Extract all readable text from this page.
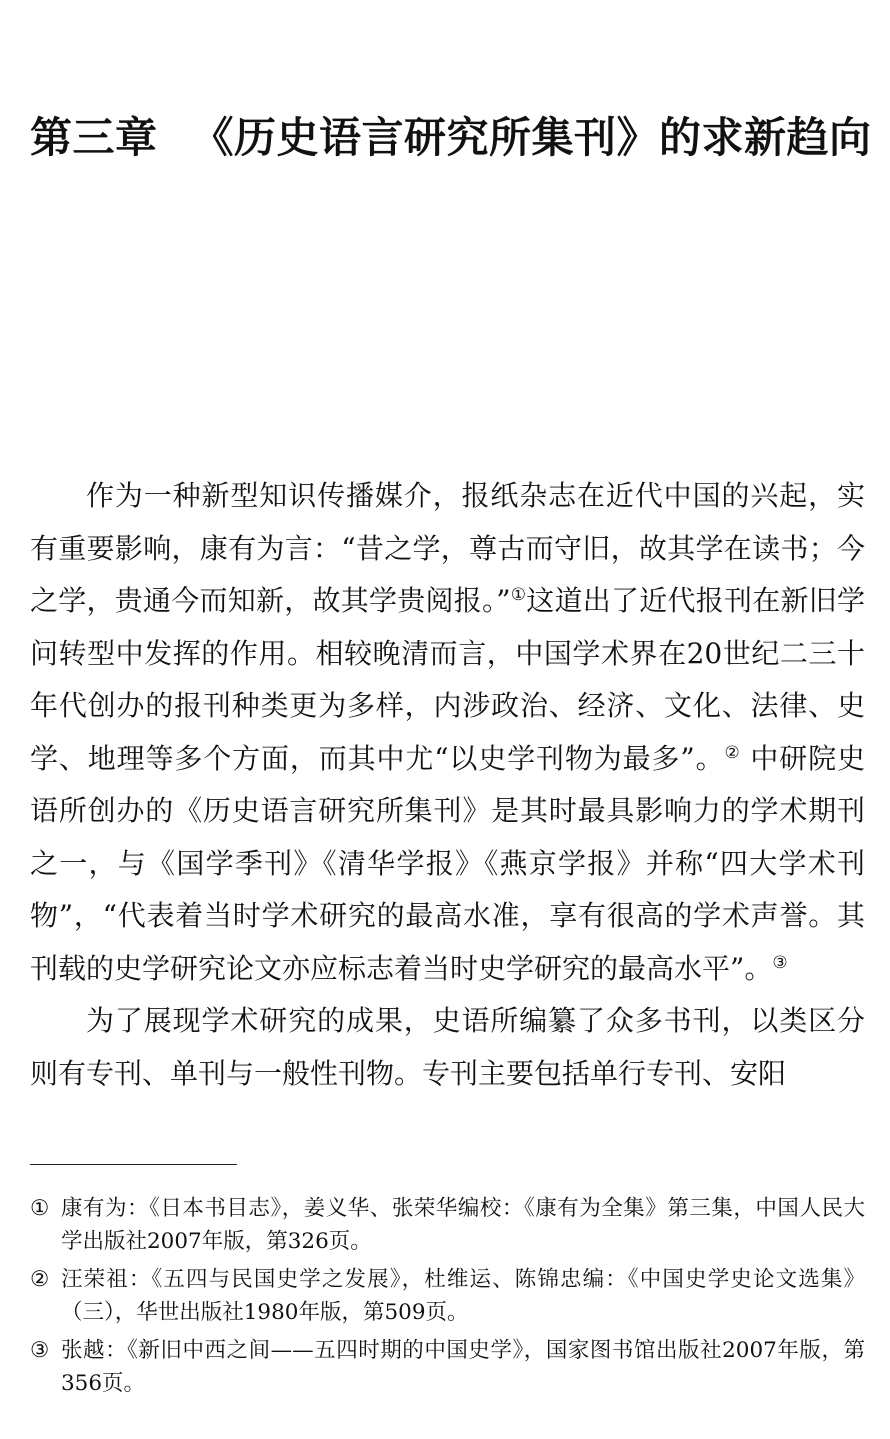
第三章 《历史语言研究所集刊》的求新趋向

作为一种新型知识传播媒介，报纸杂志在近代中国的兴起，实有重要影响，康有为言：“昔之学，尊古而守旧，故其学在读书；今之学，贵通今而知新，故其学贵阅报。”①这道出了近代报刊在新旧学问转型中发挥的作用。相较晚清而言，中国学术界在20世纪二三十年代创办的报刊种类更为多样，内涉政治、经济、文化、法律、史学、地理等多个方面，而其中尤“以史学刊物为最多”。② 中研院史语所创办的《历史语言研究所集刊》是其时最具影响力的学术期刊之一，与《国学季刊》《清华学报》《燕京学报》并称“四大学术刊物”，“代表着当时学术研究的最高水准，享有很高的学术声誉。其刊载的史学研究论文亦应标志着当时史学研究的最高水平”。③

为了展现学术研究的成果，史语所编纂了众多书刊，以类区分则有专刊、单刊与一般性刊物。专刊主要包括单行专刊、安阳

① 康有为：《日本书目志》，姜义华、张荣华编校：《康有为全集》第三集，中国人民大学出版社2007年版，第326页。
② 汪荣祖：《五四与民国史学之发展》，杜维运、陈锦忠编：《中国史学史论文选集》（三），华世出版社1980年版，第509页。
③ 张越：《新旧中西之间——五四时期的中国史学》，国家图书馆出版社2007年版，第356页。
